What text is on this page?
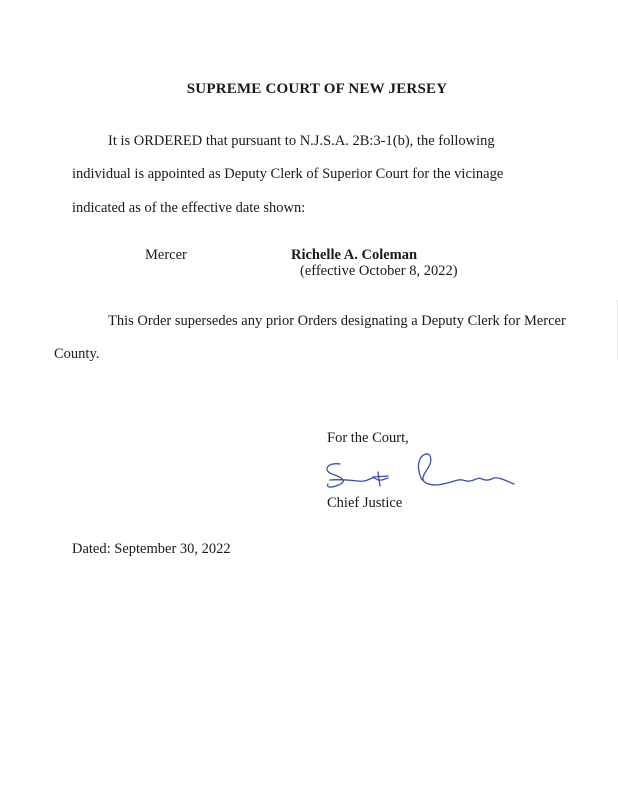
SUPREME COURT OF NEW JERSEY
It is ORDERED that pursuant to N.J.S.A. 2B:3-1(b), the following
individual is appointed as Deputy Clerk of Superior Court for the vicinage
indicated as of the effective date shown:
Mercer	Richelle A. Coleman
(effective October 8, 2022)
This Order supersedes any prior Orders designating a Deputy Clerk for Mercer
County.
For the Court,
Chief Justice
Dated: September 30, 2022
